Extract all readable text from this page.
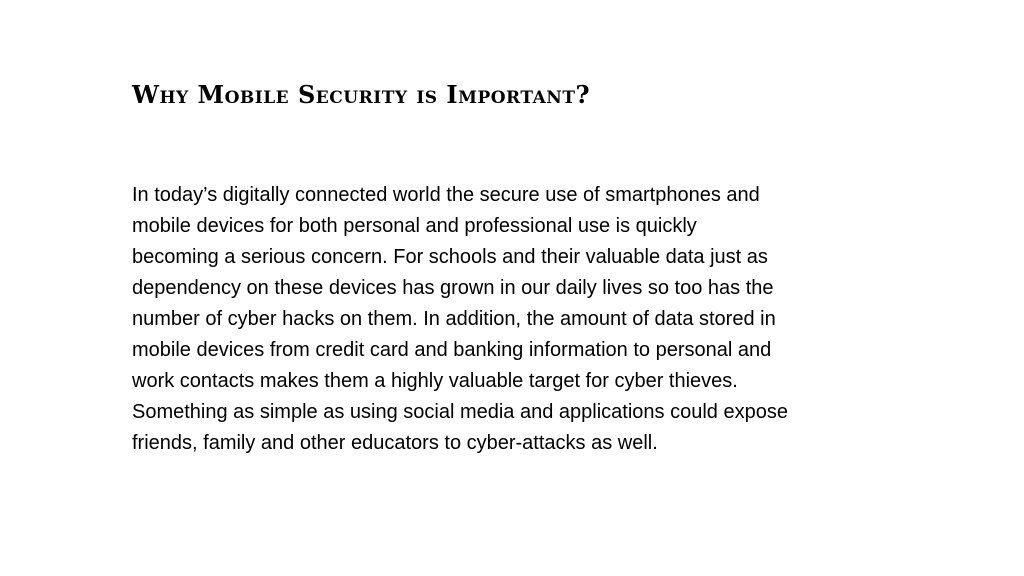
Why Mobile Security is Important?

In today’s digitally connected world the secure use of smartphones and
mobile devices for both personal and professional use is quickly
becoming a serious concern. For schools and their valuable data just as
dependency on these devices has grown in our daily lives so too has the
number of cyber hacks on them. In addition, the amount of data stored in
mobile devices from credit card and banking information to personal and
work contacts makes them a highly valuable target for cyber thieves.
Something as simple as using social media and applications could expose
friends, family and other educators to cyber-attacks as well.
